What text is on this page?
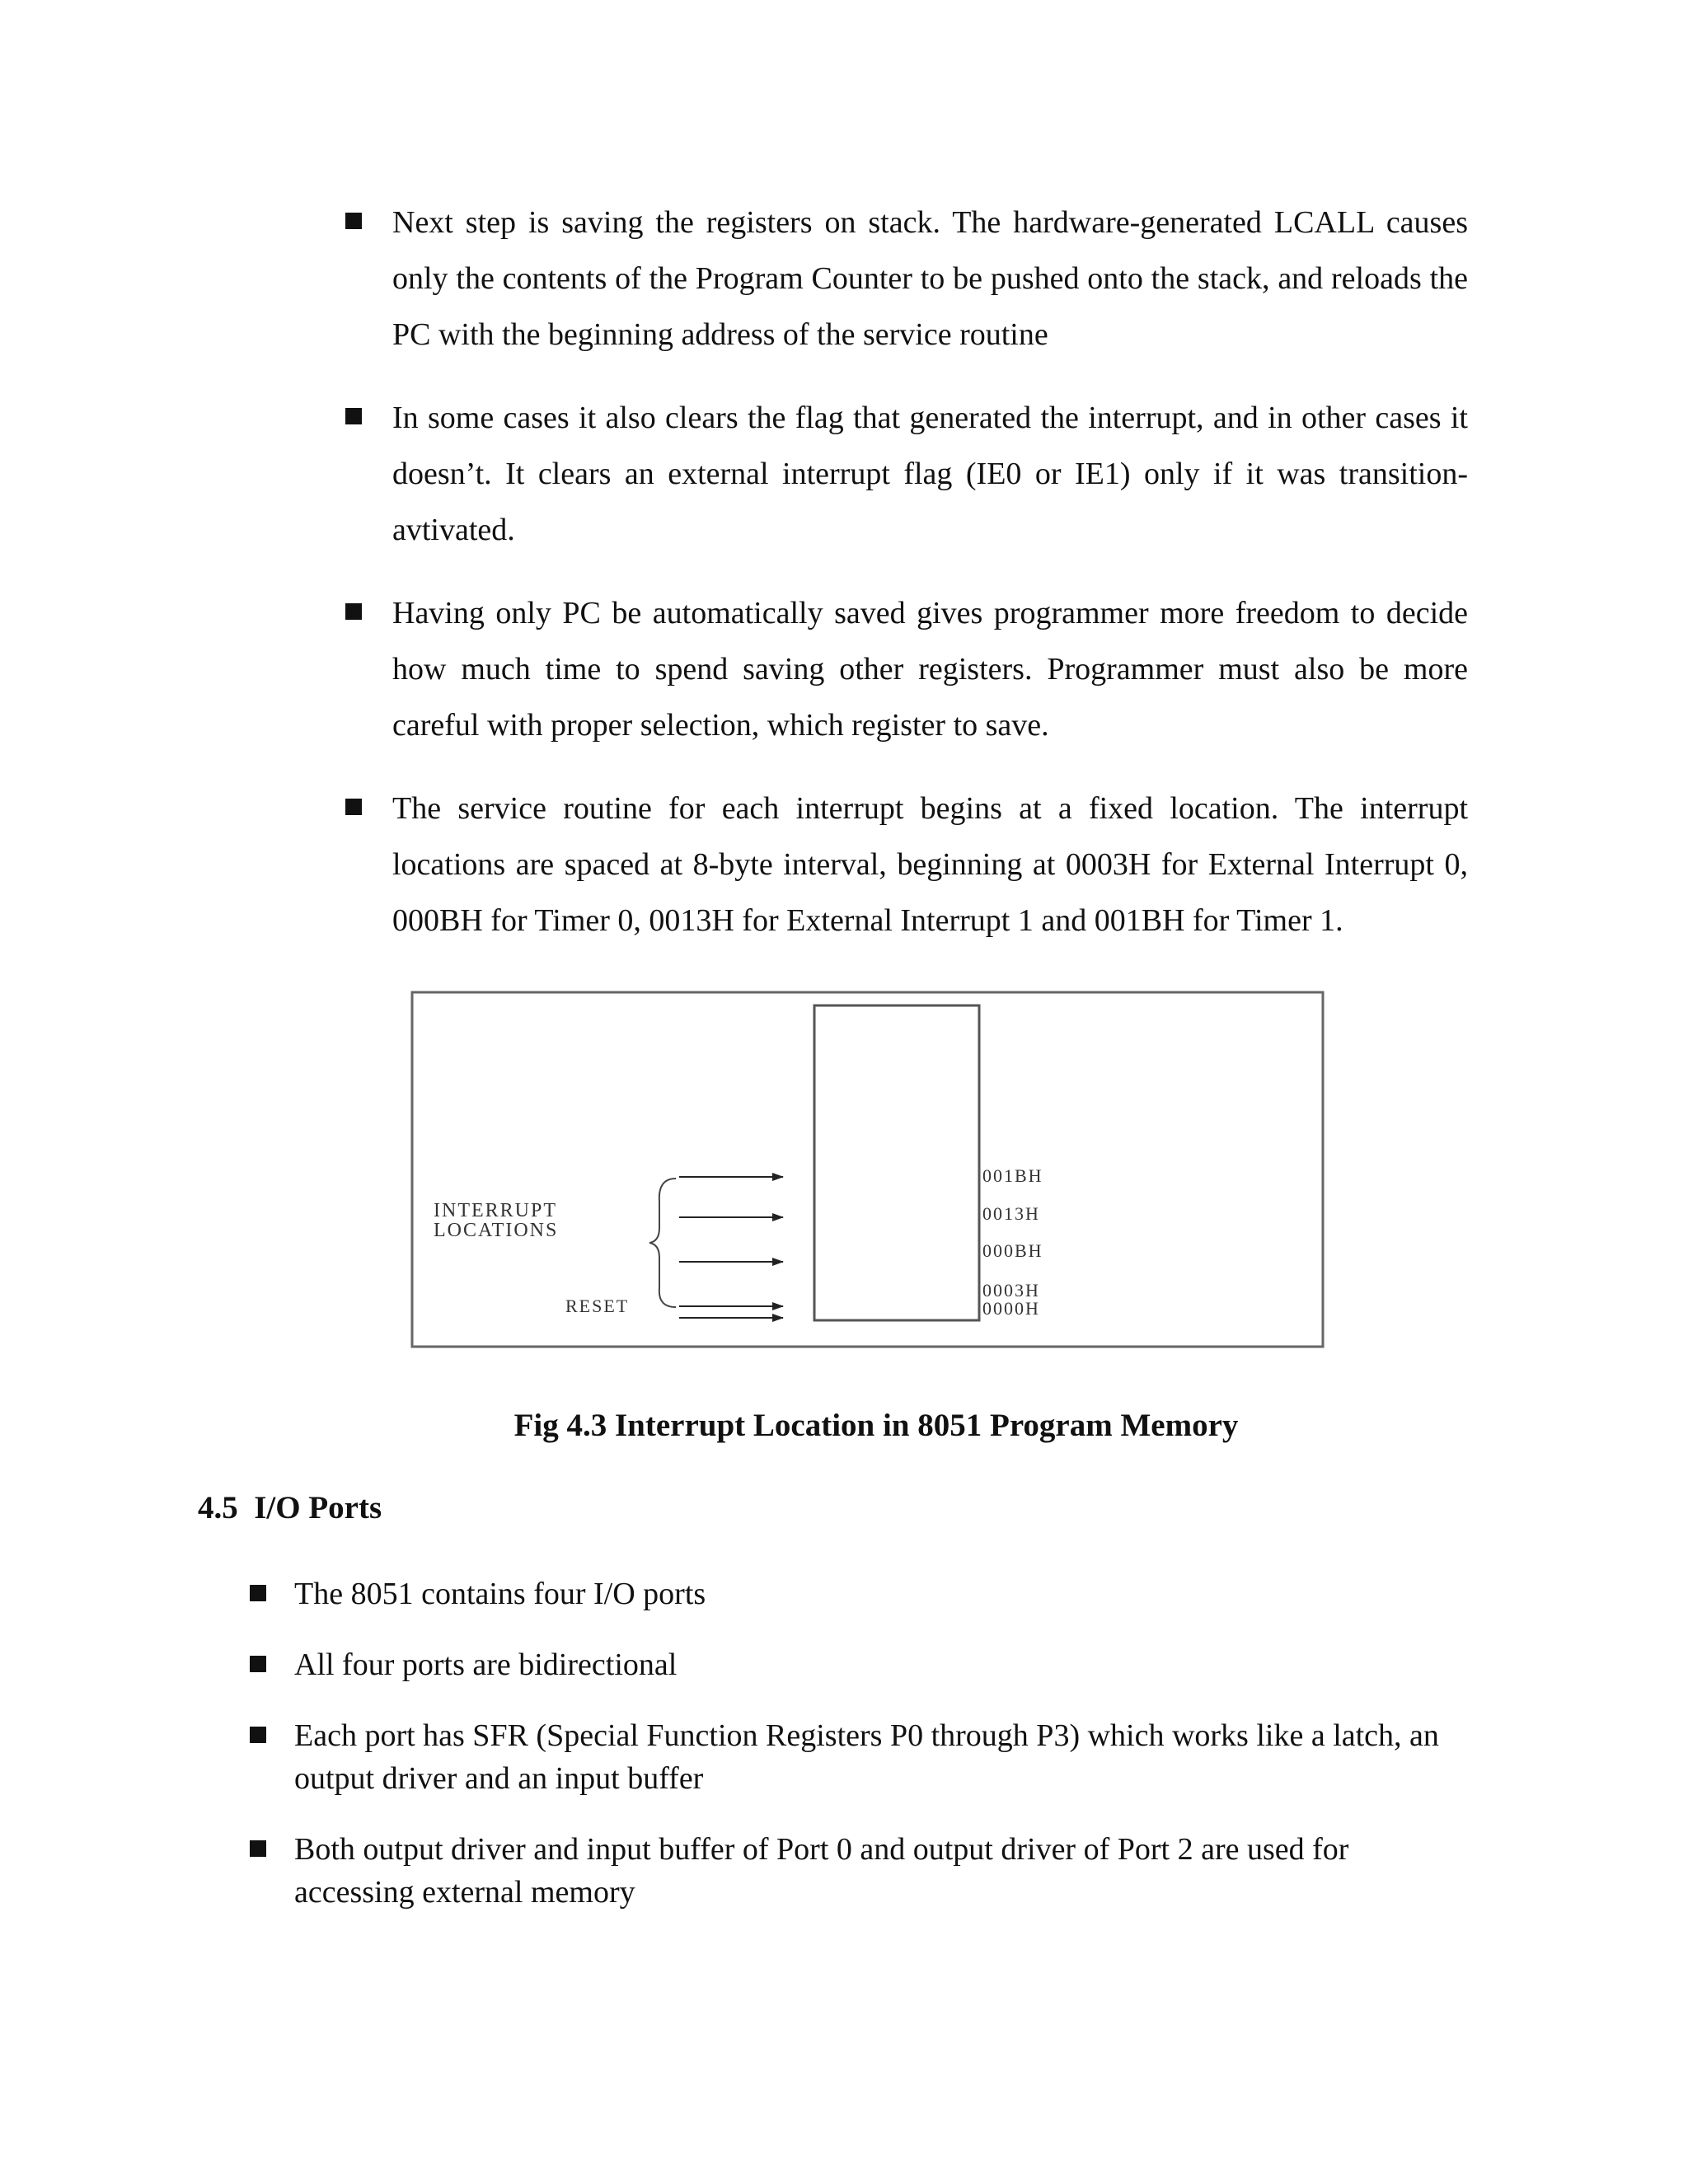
Next step is saving the registers on stack. The hardware-generated LCALL causes only the contents of the Program Counter to be pushed onto the stack, and reloads the PC with the beginning address of the service routine
In some cases it also clears the flag that generated the interrupt, and in other cases it doesn’t. It clears an external interrupt flag (IE0 or IE1) only if it was transition-avtivated.
Having only PC be automatically saved gives programmer more freedom to decide how much time to spend saving other registers. Programmer must also be more careful with proper selection, which register to save.
The service routine for each interrupt begins at a fixed location. The interrupt locations are spaced at 8-byte interval, beginning at 0003H for External Interrupt 0, 000BH for Timer 0, 0013H for External Interrupt 1 and 001BH for Timer 1.
INTERRUPT
LOCATIONS
RESET
001BH
0013H
000BH
0003H
0000H
Fig 4.3 Interrupt Location in 8051 Program Memory
4.5 I/O Ports
The 8051 contains four I/O ports
All four ports are bidirectional
Each port has SFR (Special Function Registers P0 through P3) which works like a latch, an output driver and an input buffer
Both output driver and input buffer of Port 0 and output driver of Port 2 are used for accessing external memory
